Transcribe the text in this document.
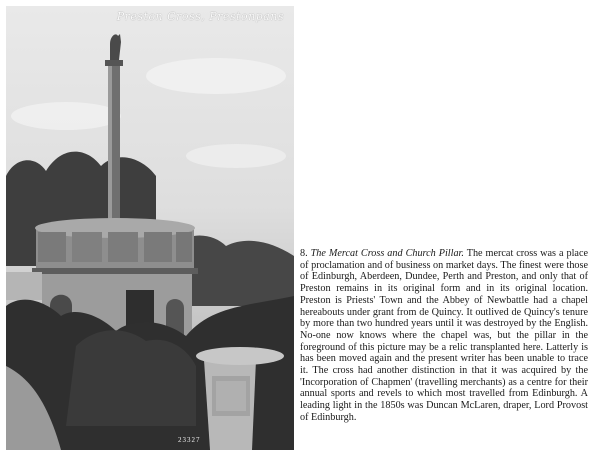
Preston Cross, Prestonpans
23327
8. The Mercat Cross and Church Pillar. The mercat cross was a place of proclamation and of business on market days. The finest were those of Edinburgh, Aberdeen, Dundee, Perth and Preston, and only that of Preston remains in its original form and in its original location. Preston is Priests' Town and the Abbey of Newbattle had a chapel hereabouts under grant from de Quincy. It outlived de Quincy's tenure by more than two hundred years until it was destroyed by the English. No-one now knows where the chapel was, but the pillar in the foreground of this picture may be a relic transplanted here. Latterly is has been moved again and the present writer has been unable to trace it. The cross had another distinction in that it was acquired by the 'Incorporation of Chapmen' (travelling merchants) as a centre for their annual sports and revels to which most travelled from Edinburgh. A leading light in the 1850s was Duncan McLaren, draper, Lord Provost of Edinburgh.
